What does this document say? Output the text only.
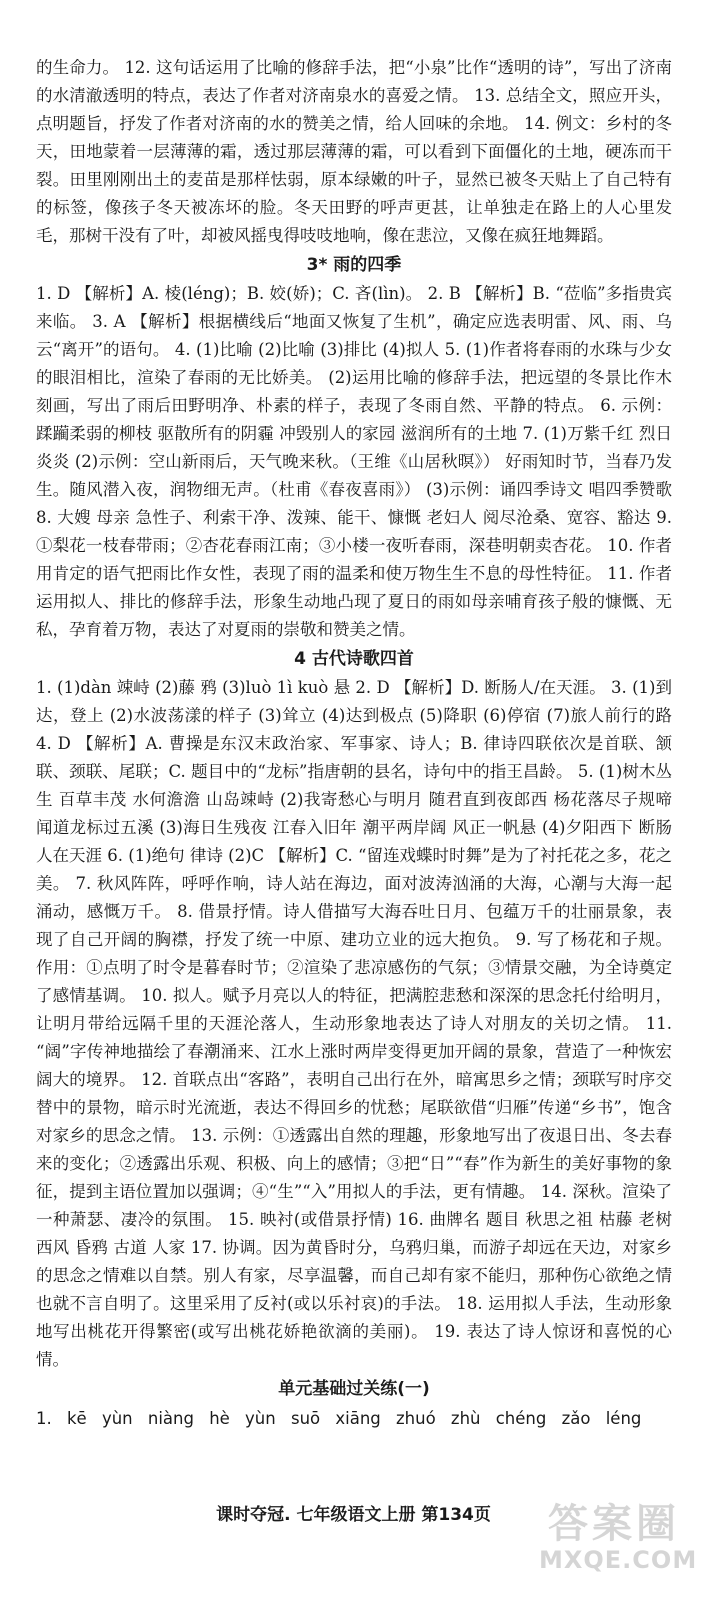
的生命力。 12. 这句话运用了比喻的修辞手法，把“小泉”比作“透明的诗”，写出了济南的水清澈透明的特点，表达了作者对济南泉水的喜爱之情。 13. 总结全文，照应开头，点明题旨，抒发了作者对济南的水的赞美之情，给人回味的余地。 14. 例文：乡村的冬天，田地蒙着一层薄薄的霜，透过那层薄薄的霜，可以看到下面僵化的土地，硬冻而干裂。田里刚刚出土的麦苗是那样怯弱，原本绿嫩的叶子，显然已被冬天贴上了自己特有的标签，像孩子冬天被冻坏的脸。冬天田野的呼声更甚，让单独走在路上的人心里发毛，那树干没有了叶，却被风摇曳得吱吱地响，像在悲泣，又像在疯狂地舞蹈。

3* 雨的四季

1. D 【解析】A. 棱(léng)；B. 姣(娇)；C. 吝(lìn)。 2. B 【解析】B. “莅临”多指贵宾来临。 3. A 【解析】根据横线后“地面又恢复了生机”，确定应选表明雷、风、雨、乌云“离开”的语句。 4. (1)比喻 (2)比喻 (3)排比 (4)拟人 5. (1)作者将春雨的水珠与少女的眼泪相比，渲染了春雨的无比娇美。 (2)运用比喻的修辞手法，把远望的冬景比作木刻画，写出了雨后田野明净、朴素的样子，表现了冬雨自然、平静的特点。 6. 示例：蹂躏柔弱的柳枝 驱散所有的阴霾 冲毁别人的家园 滋润所有的土地 7. (1)万紫千红 烈日炎炎 (2)示例：空山新雨后，天气晚来秋。（王维《山居秋暝》） 好雨知时节，当春乃发生。随风潜入夜，润物细无声。（杜甫《春夜喜雨》） (3)示例：诵四季诗文 唱四季赞歌 8. 大嫂 母亲 急性子、利索干净、泼辣、能干、慷慨 老妇人 阅尽沧桑、宽容、豁达 9. ①梨花一枝春带雨；②杏花春雨江南；③小楼一夜听春雨，深巷明朝卖杏花。 10. 作者用肯定的语气把雨比作女性，表现了雨的温柔和使万物生生不息的母性特征。 11. 作者运用拟人、排比的修辞手法，形象生动地凸现了夏日的雨如母亲哺育孩子般的慷慨、无私，孕育着万物，表达了对夏雨的崇敬和赞美之情。

4 古代诗歌四首

1. (1)dàn 竦峙 (2)藤 鸦 (3)luò 1ì kuò 悬 2. D 【解析】D. 断肠人/在天涯。 3. (1)到达，登上 (2)水波荡漾的样子 (3)耸立 (4)达到极点 (5)降职 (6)停宿 (7)旅人前行的路 4. D 【解析】A. 曹操是东汉末政治家、军事家、诗人；B. 律诗四联依次是首联、颔联、颈联、尾联；C. 题目中的“龙标”指唐朝的县名，诗句中的指王昌龄。 5. (1)树木丛生 百草丰茂 水何澹澹 山岛竦峙 (2)我寄愁心与明月 随君直到夜郎西 杨花落尽子规啼 闻道龙标过五溪 (3)海日生残夜 江春入旧年 潮平两岸阔 风正一帆悬 (4)夕阳西下 断肠人在天涯 6. (1)绝句 律诗 (2)C 【解析】C. “留连戏蝶时时舞”是为了衬托花之多，花之美。 7. 秋风阵阵，呼呼作响，诗人站在海边，面对波涛汹涌的大海，心潮与大海一起涌动，感慨万千。 8. 借景抒情。诗人借描写大海吞吐日月、包蕴万千的壮丽景象，表现了自己开阔的胸襟，抒发了统一中原、建功立业的远大抱负。 9. 写了杨花和子规。作用：①点明了时令是暮春时节；②渲染了悲凉感伤的气氛；③情景交融，为全诗奠定了感情基调。 10. 拟人。赋予月亮以人的特征，把满腔悲愁和深深的思念托付给明月，让明月带给远隔千里的天涯沦落人，生动形象地表达了诗人对朋友的关切之情。 11. “阔”字传神地描绘了春潮涌来、江水上涨时两岸变得更加开阔的景象，营造了一种恢宏阔大的境界。 12. 首联点出“客路”，表明自己出行在外，暗寓思乡之情；颈联写时序交替中的景物，暗示时光流逝，表达不得回乡的忧愁；尾联欲借“归雁”传递“乡书”，饱含对家乡的思念之情。 13. 示例：①透露出自然的理趣，形象地写出了夜退日出、冬去春来的变化；②透露出乐观、积极、向上的感情；③把“日”“春”作为新生的美好事物的象征，提到主语位置加以强调；④“生”“入”用拟人的手法，更有情趣。 14. 深秋。渲染了一种萧瑟、凄冷的氛围。 15. 映衬(或借景抒情) 16. 曲牌名 题目 秋思之祖 枯藤 老树 西风 昏鸦 古道 人家 17. 协调。因为黄昏时分，乌鸦归巢，而游子却远在天边，对家乡的思念之情难以自禁。别人有家，尽享温馨，而自己却有家不能归，那种伤心欲绝之情也就不言自明了。这里采用了反衬(或以乐衬哀)的手法。 18. 运用拟人手法，生动形象地写出桃花开得繁密(或写出桃花娇艳欲滴的美丽)。 19. 表达了诗人惊讶和喜悦的心情。

单元基础过关练(一)

1. kē yùn niàng hè yùn suō xiāng zhuó zhù chéng zǎo léng

课时夺冠. 七年级语文上册 第134页	答案圈
MXQE.COM
